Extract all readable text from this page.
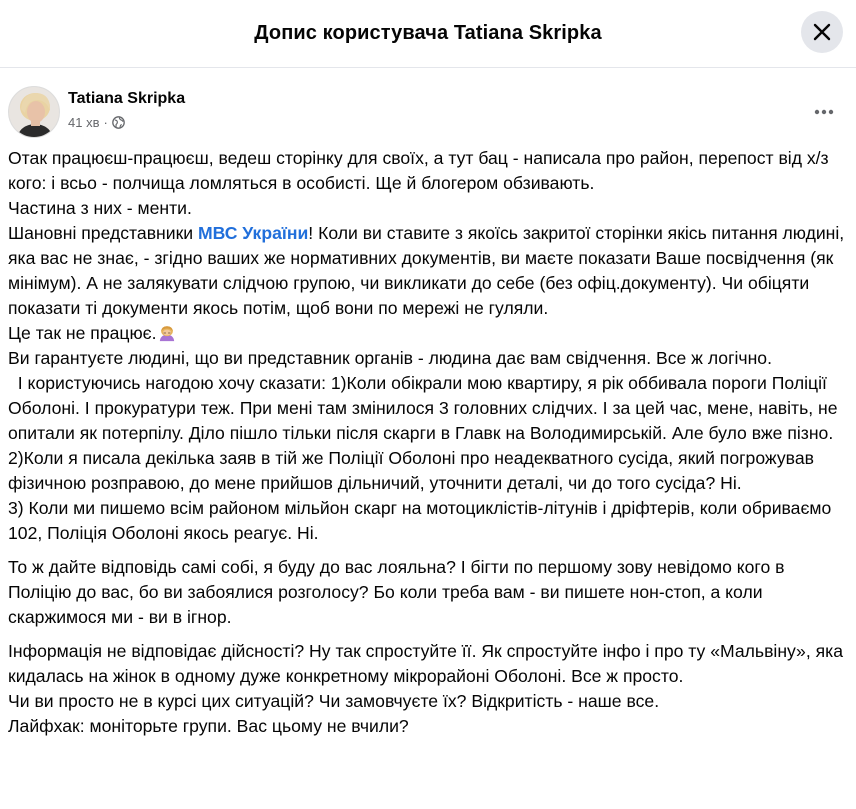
Допис користувача Tatiana Skripka
Tatiana Skripka
41 хв ·

Отак працюєш-працюєш, ведеш сторінку для своїх, а тут бац - написала про район, перепост від х/з кого: і всьо - полчища ломляться в особисті. Ще й блогером обзивають.
Частина з них - менти.
Шановні представники МВС України! Коли ви ставите з якоїсь закритої сторінки якісь питання людині, яка вас не знає, - згідно ваших же нормативних документів, ви маєте показати Ваше посвідчення (як мінімум). А не залякувати слідчою групою, чи викликати до себе (без офіц.документу). Чи обіцяти показати ті документи якось потім, щоб вони по мережі не гуляли.
Це так не працює.
Ви гарантуєте людині, що ви представник органів - людина дає вам свідчення. Все ж логічно.
І користуючись нагодою хочу сказати: 1)Коли обікрали мою квартиру, я рік оббивала пороги Поліції Оболоні. І прокуратури теж. При мені там змінилося 3 головних слідчих. І за цей час, мене, навіть, не опитали як потерпілу. Діло пішло тільки після скарги в Главк на Володимирській. Але було вже пізно.
2)Коли я писала декілька заяв в тій же Поліції Оболоні про неадекватного сусіда, який погрожував фізичною розправою, до мене прийшов дільничий, уточнити деталі, чи до того сусіда? Ні.
3) Коли ми пишемо всім районом мільйон скарг на мотоциклістів-літунів і дріфтерів, коли обриваємо 102, Поліція Оболоні якось реагує. Ні.

То ж дайте відповідь самі собі, я буду до вас лояльна? І бігти по першому зову невідомо кого в Поліцію до вас, бо ви забоялися розголосу? Бо коли треба вам - ви пишете нон-стоп, а коли скаржимося ми - ви в ігнор.

Інформація не відповідає дійсності? Ну так спростуйте її. Як спростуйте інфо і про ту «Мальвіну», яка кидалась на жінок в одному дуже конкретному мікрорайоні Оболоні. Все ж просто.
Чи ви просто не в курсі цих ситуацій? Чи замовчуєте їх? Відкритість - наше все.
Лайфхак: моніторьте групи. Вас цьому не вчили?
